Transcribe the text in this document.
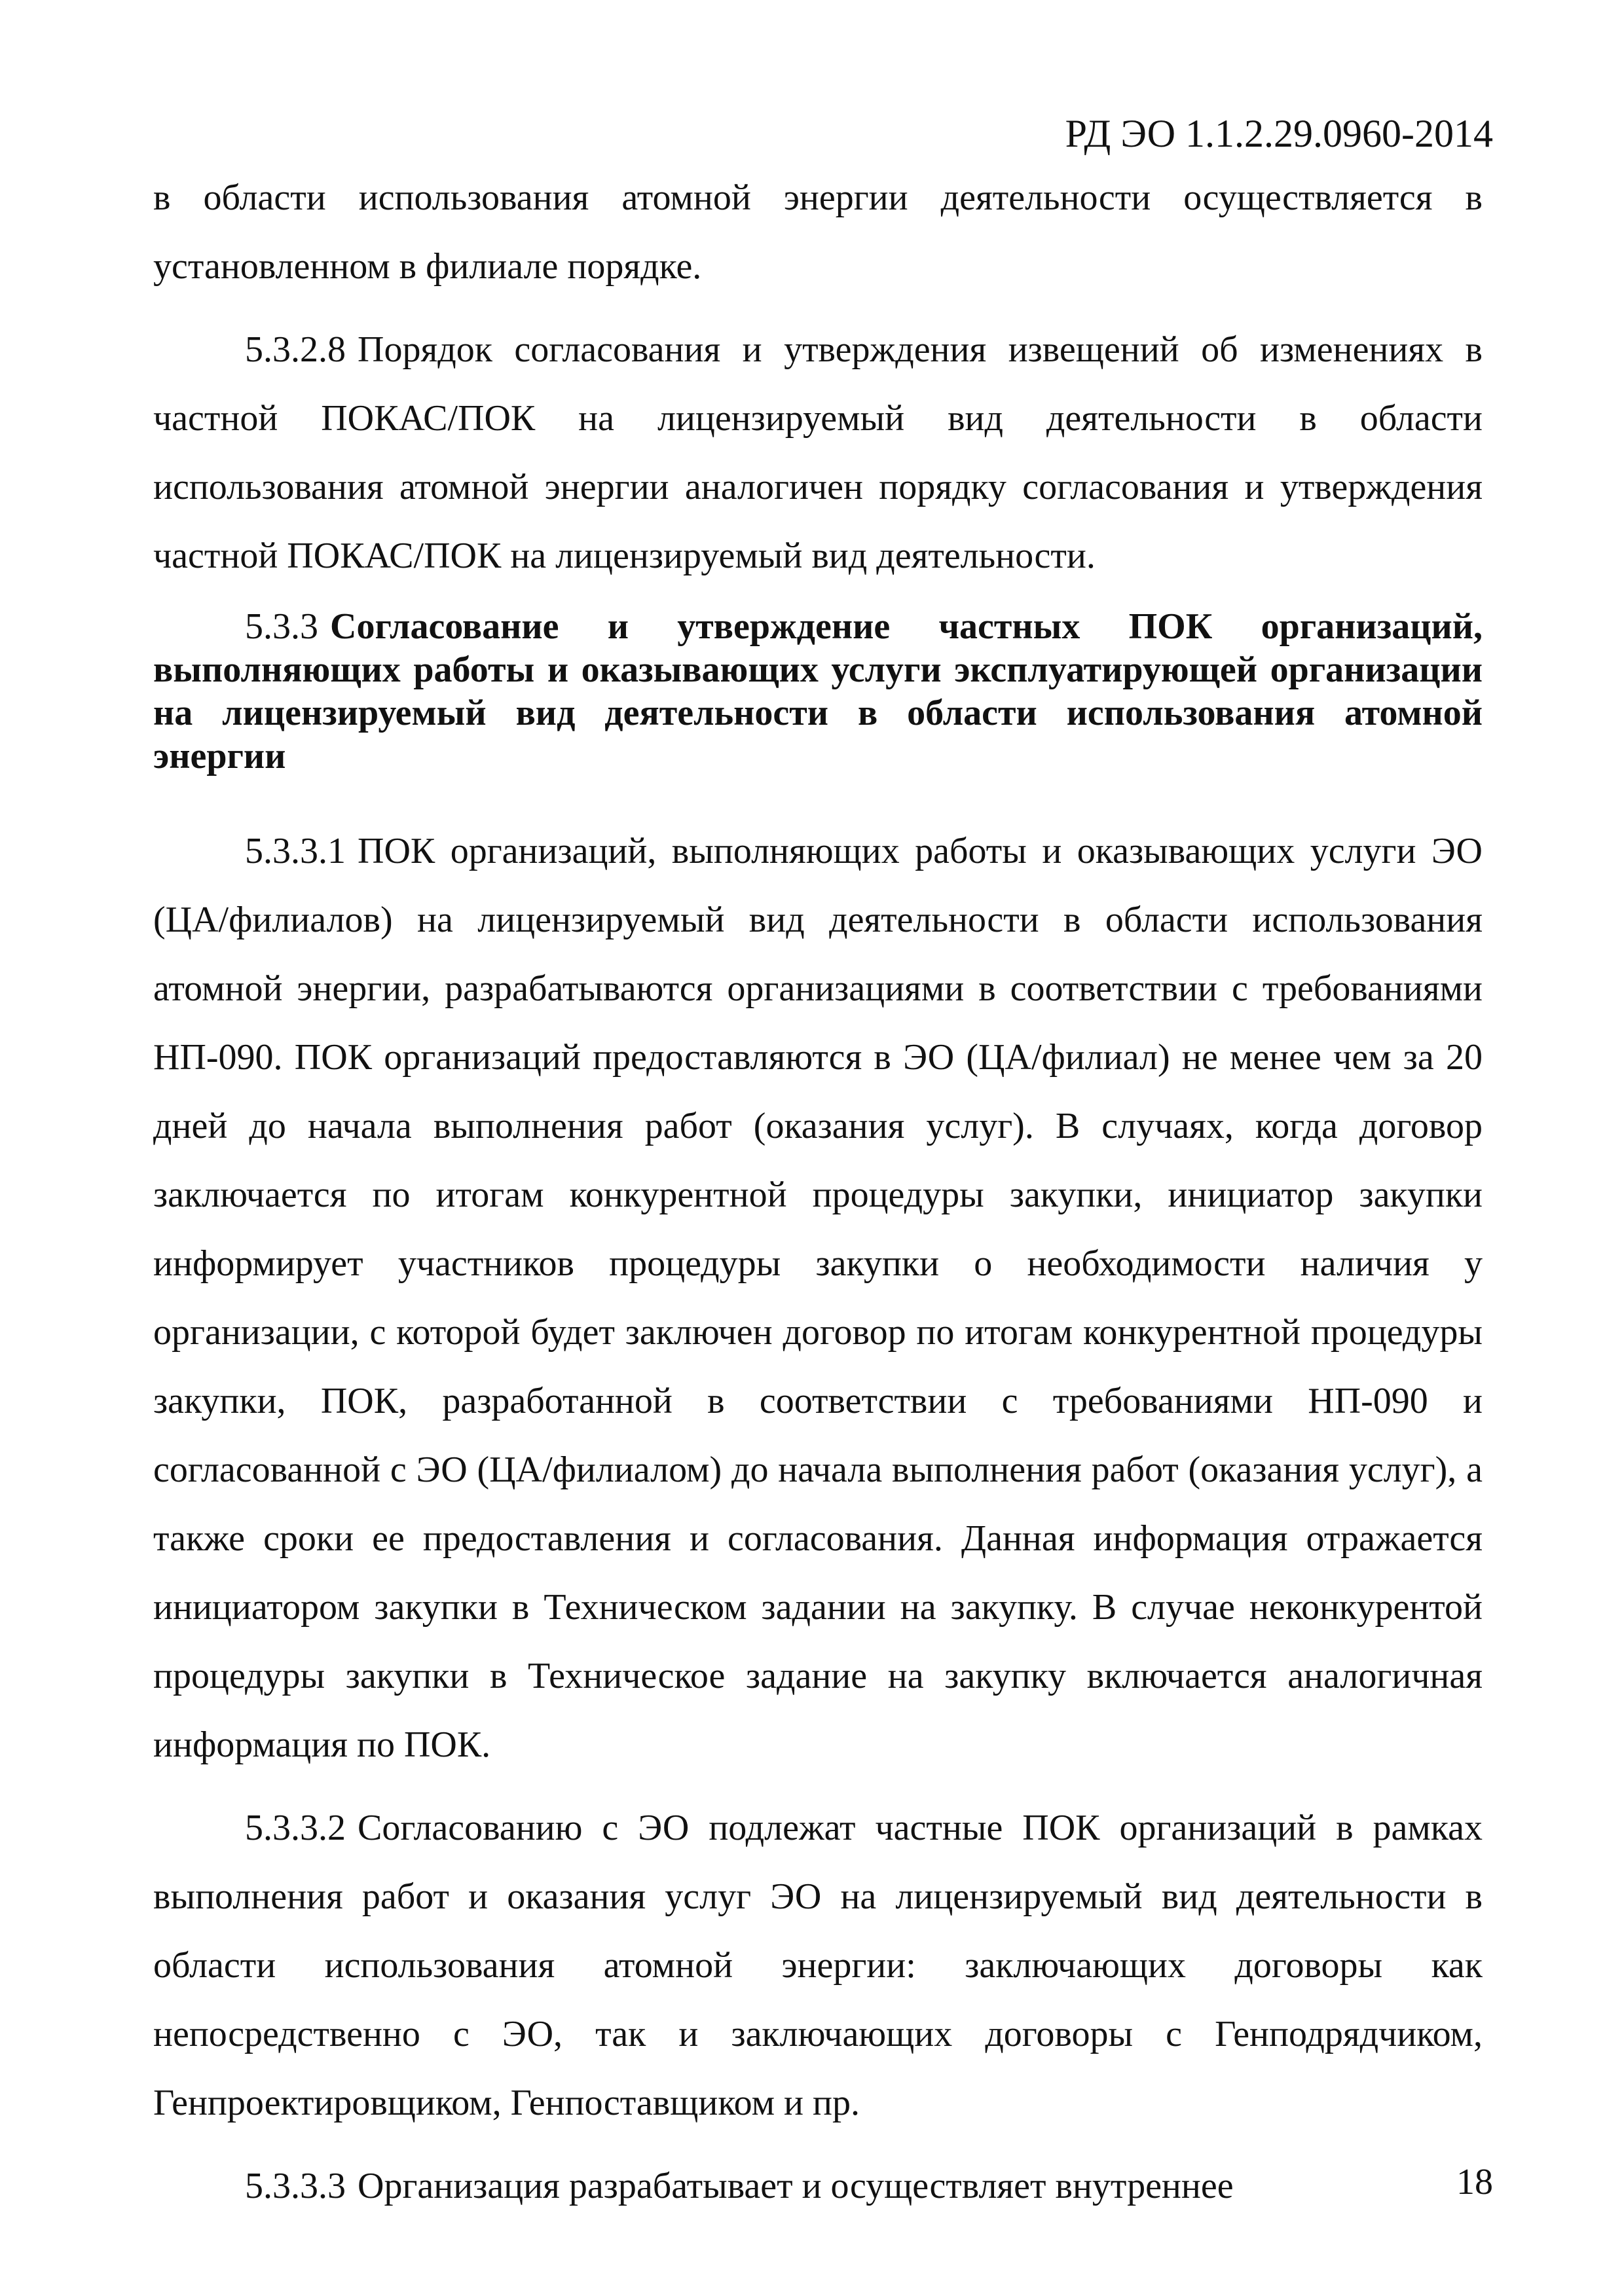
РД ЭО 1.1.2.29.0960-2014

в области использования атомной энергии деятельности осуществляется в установленном в филиале порядке.

5.3.2.8 Порядок согласования и утверждения извещений об изменениях в частной ПОКАС/ПОК на лицензируемый вид деятельности в области использования атомной энергии аналогичен порядку согласования и утверждения частной ПОКАС/ПОК на лицензируемый вид деятельности.

5.3.3 Согласование и утверждение частных ПОК организаций, выполняющих работы и оказывающих услуги эксплуатирующей организации на лицензируемый вид деятельности в области использования атомной энергии

5.3.3.1 ПОК организаций, выполняющих работы и оказывающих услуги ЭО (ЦА/филиалов) на лицензируемый вид деятельности в области использования атомной энергии, разрабатываются организациями в соответствии с требованиями НП-090. ПОК организаций предоставляются в ЭО (ЦА/филиал) не менее чем за 20 дней до начала выполнения работ (оказания услуг). В случаях, когда договор заключается по итогам конкурентной процедуры закупки, инициатор закупки информирует участников процедуры закупки о необходимости наличия у организации, с которой будет заключен договор по итогам конкурентной процедуры закупки, ПОК, разработанной в соответствии с требованиями НП-090 и согласованной с ЭО (ЦА/филиалом) до начала выполнения работ (оказания услуг), а также сроки ее предоставления и согласования. Данная информация отражается инициатором закупки в Техническом задании на закупку. В случае неконкурентой процедуры закупки в Техническое задание на закупку включается аналогичная информация по ПОК.

5.3.3.2 Согласованию с ЭО подлежат частные ПОК организаций в рамках выполнения работ и оказания услуг ЭО на лицензируемый вид деятельности в области использования атомной энергии: заключающих договоры как непосредственно с ЭО, так и заключающих договоры с Генподрядчиком, Генпроектировщиком, Генпоставщиком и пр.

5.3.3.3 Организация разрабатывает и осуществляет внутреннее	18
